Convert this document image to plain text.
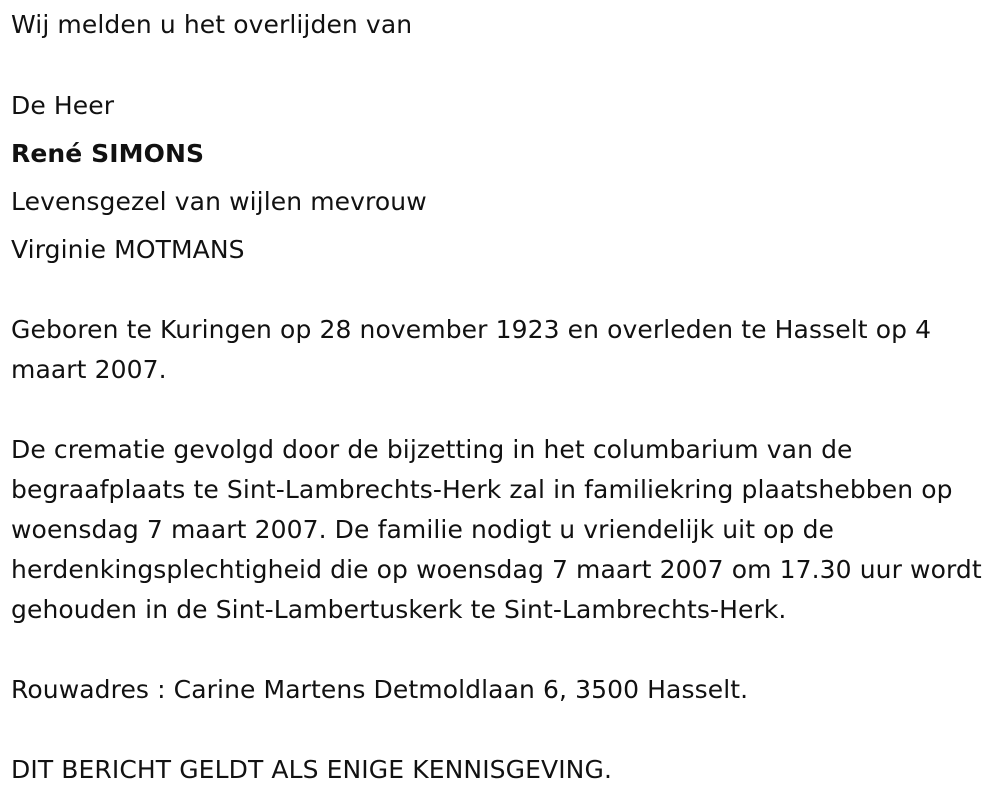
Wij melden u het overlijden van
De Heer
René SIMONS
Levensgezel van wijlen mevrouw
Virginie MOTMANS

Geboren te Kuringen op 28 november 1923 en overleden te Hasselt op 4 maart 2007.

De crematie gevolgd door de bijzetting in het columbarium van de begraafplaats te Sint-Lambrechts-Herk zal in familiekring plaatshebben op woensdag 7 maart 2007. De familie nodigt u vriendelijk uit op de herdenkingsplechtigheid die op woensdag 7 maart 2007 om 17.30 uur wordt gehouden in de Sint-Lambertuskerk te Sint-Lambrechts-Herk.

Rouwadres : Carine Martens Detmoldlaan 6, 3500 Hasselt.
DIT BERICHT GELDT ALS ENIGE KENNISGEVING.
